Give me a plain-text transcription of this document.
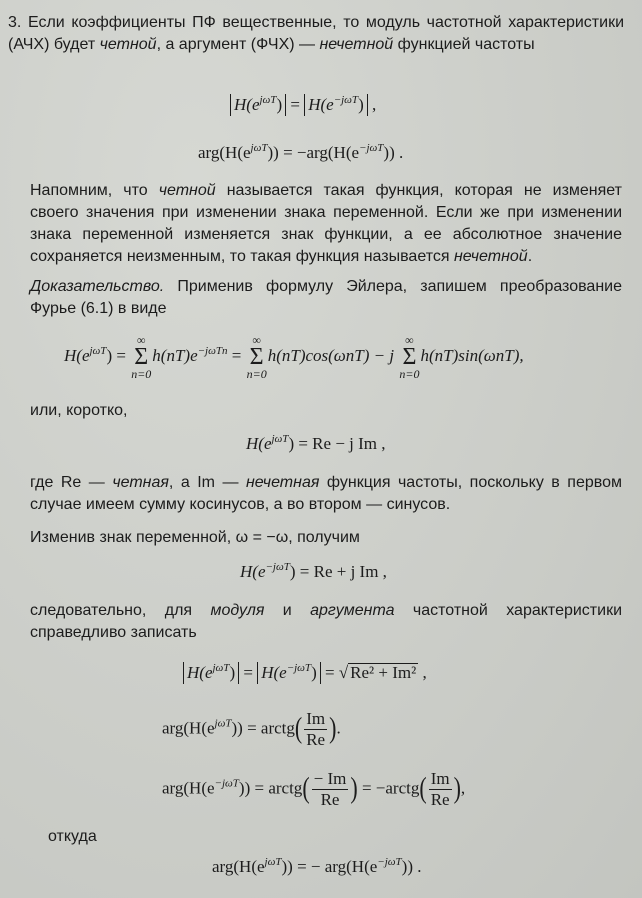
3. Если коэффициенты ПФ вещественные, то модуль частотной характеристики (АЧХ) будет четной, а аргумент (ФЧХ) — нечетной функцией частоты

$H(e^{j\omega T}) = H(e^{-j\omega T})$ ,
$arg(H(e^{j\omega T})) = -arg(H(e^{-j\omega T}))$ .

Напомним, что четной называется такая функция, которая не изменяет своего значения при изменении знака переменной. Если же при изменении знака переменной изменяется знак функции, а ее абсолютное значение сохраняется неизменным, то такая функция называется нечетной.

Доказательство. Применив формулу Эйлера, запишем преобразование Фурье (6.1) в виде

$H(e^{j\omega T})$ = ∞
Σ
$n=0h(nT)e^{-j\omega Tn}$ = ∞
Σ
n=0h(nT)cos(ωnT) − j ∞
Σ
n=0h(nT)sin(ωnT),

или, коротко,

$H(e^{j\omega T}) = Re - j$ Im ,

где Re — четная, а Im — нечетная функция частоты, поскольку в первом случае имеем сумму косинусов, а во втором — синусов.

Изменив знак переменной, ω = −ω, получим

$H(e^{-j\omega T}) = Re + j$ Im ,

следовательно, для модуля и аргумента частотной характеристики справедливо записать

$H(e^{j\omega T}) = H(e^{-j\omega T})$ = √ Re² + Im² ,
$arg(H(e^{j\omega T}))$ = arctg( $\frac{Im}{Re}$ ).
$arg(H(e^{-j\omega T}))$ = arctg( $\frac{- Im}{Re}$ ) = −arctg( $\frac{Im}{Re}$ ),

откуда

$arg(H(e^{j\omega T}))$ = − $arg(H(e^{-j\omega T}))$ .
